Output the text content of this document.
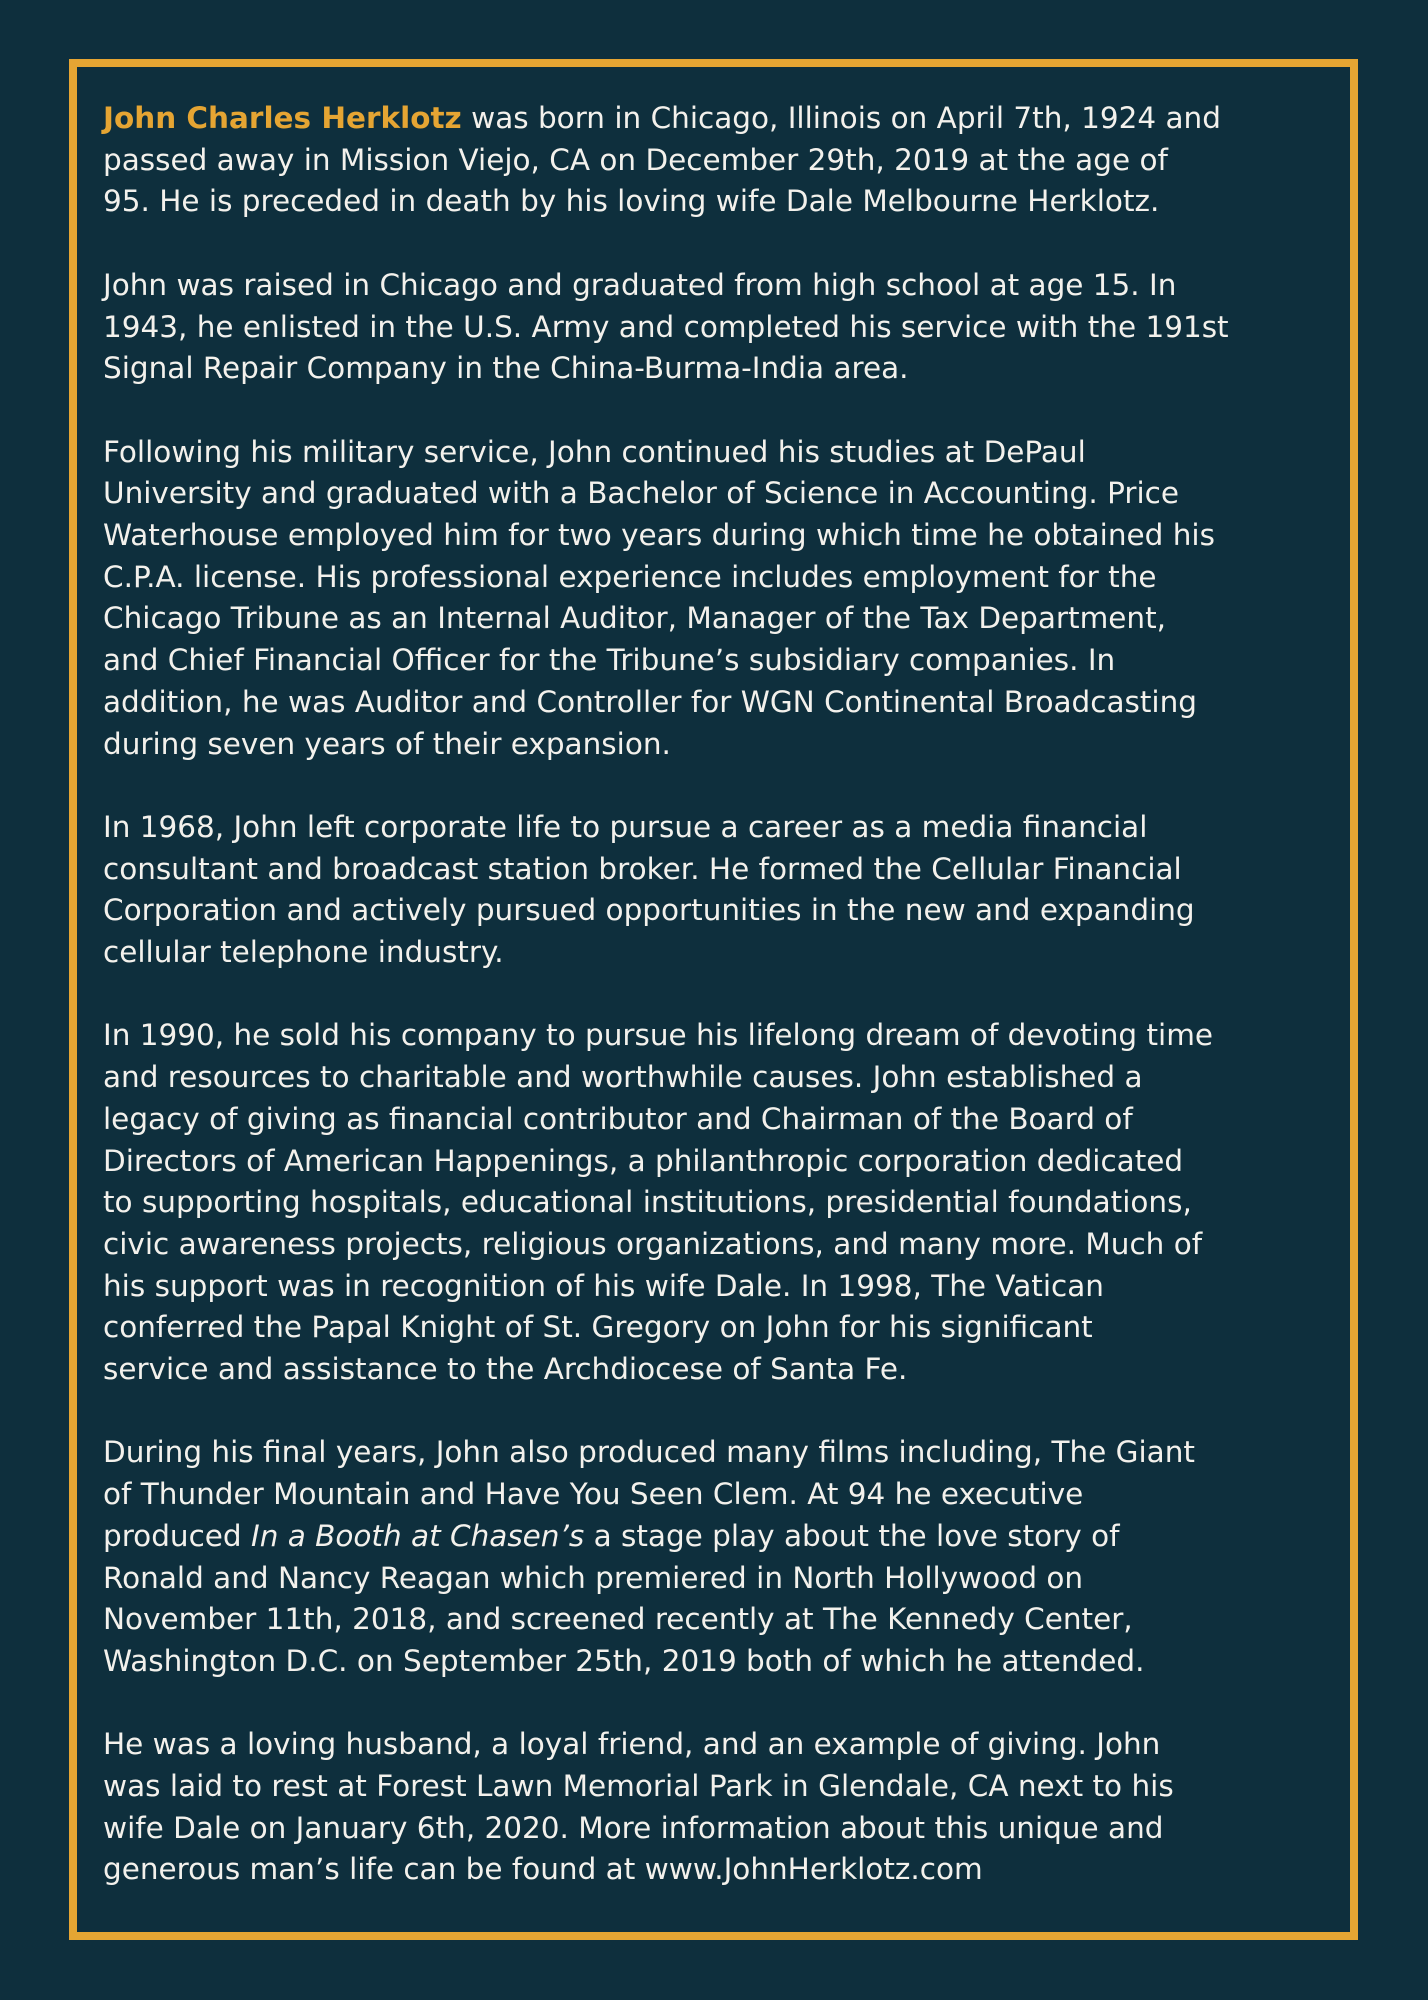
John Charles Herklotz was born in Chicago, Illinois on April 7th, 1924 and
passed away in Mission Viejo, CA on December 29th, 2019 at the age of
95. He is preceded in death by his loving wife Dale Melbourne Herklotz.

John was raised in Chicago and graduated from high school at age 15. In
1943, he enlisted in the U.S. Army and completed his service with the 191st
Signal Repair Company in the China-Burma-India area.

Following his military service, John continued his studies at DePaul
University and graduated with a Bachelor of Science in Accounting. Price
Waterhouse employed him for two years during which time he obtained his
C.P.A. license. His professional experience includes employment for the
Chicago Tribune as an Internal Auditor, Manager of the Tax Department,
and Chief Financial Officer for the Tribune’s subsidiary companies. In
addition, he was Auditor and Controller for WGN Continental Broadcasting
during seven years of their expansion.

In 1968, John left corporate life to pursue a career as a media financial
consultant and broadcast station broker. He formed the Cellular Financial
Corporation and actively pursued opportunities in the new and expanding
cellular telephone industry.

In 1990, he sold his company to pursue his lifelong dream of devoting time
and resources to charitable and worthwhile causes. John established a
legacy of giving as financial contributor and Chairman of the Board of
Directors of American Happenings, a philanthropic corporation dedicated
to supporting hospitals, educational institutions, presidential foundations,
civic awareness projects, religious organizations, and many more. Much of
his support was in recognition of his wife Dale. In 1998, The Vatican
conferred the Papal Knight of St. Gregory on John for his significant
service and assistance to the Archdiocese of Santa Fe.

During his final years, John also produced many films including, The Giant
of Thunder Mountain and Have You Seen Clem. At 94 he executive
produced In a Booth at Chasen’s a stage play about the love story of
Ronald and Nancy Reagan which premiered in North Hollywood on
November 11th, 2018, and screened recently at The Kennedy Center,
Washington D.C. on September 25th, 2019 both of which he attended.

He was a loving husband, a loyal friend, and an example of giving. John
was laid to rest at Forest Lawn Memorial Park in Glendale, CA next to his
wife Dale on January 6th, 2020. More information about this unique and
generous man’s life can be found at www.JohnHerklotz.com
